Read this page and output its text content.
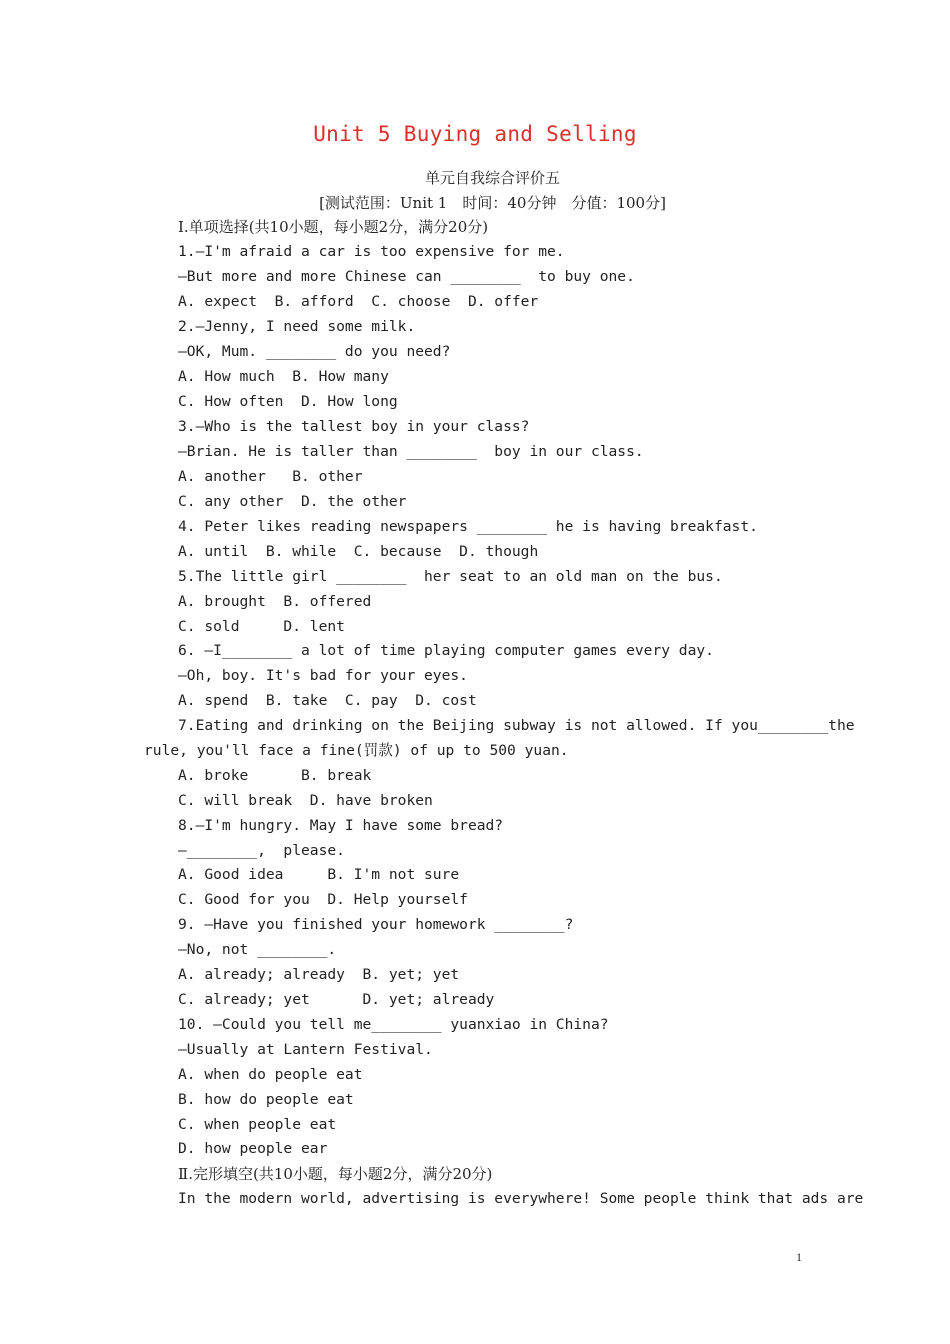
Unit 5 Buying and Selling
单元自我综合评价五
[测试范围：Unit 1　时间：40分钟　分值：100分]
Ⅰ.单项选择(共10小题，每小题2分，满分20分)
1.—I'm afraid a car is too expensive for me.
—But more and more Chinese can ________  to buy one.
A. expect  B. afford  C. choose  D. offer
2.—Jenny, I need some milk.
—OK, Mum. ________ do you need?
A. How much  B. How many
C. How often  D. How long
3.—Who is the tallest boy in your class?
—Brian. He is taller than ________  boy in our class.
A. another   B. other
C. any other  D. the other
4. Peter likes reading newspapers ________ he is having breakfast.
A. until  B. while  C. because  D. though
5.The little girl ________  her seat to an old man on the bus.
A. brought  B. offered
C. sold     D. lent
6. —I________ a lot of time playing computer games every day.
—Oh, boy. It's bad for your eyes.
A. spend  B. take  C. pay  D. cost
7.Eating and drinking on the Beijing subway is not allowed. If you________the
rule, you'll face a fine(罚款) of up to 500 yuan.
A. broke      B. break
C. will break  D. have broken
8.—I'm hungry. May I have some bread?
—________,  please.
A. Good idea     B. I'm not sure
C. Good for you  D. Help yourself
9. —Have you finished your homework ________?
—No, not ________.
A. already; already  B. yet; yet
C. already; yet      D. yet; already
10. —Could you tell me________ yuanxiao in China?
—Usually at Lantern Festival.
A. when do people eat
B. how do people eat
C. when people eat
D. how people ear
Ⅱ.完形填空(共10小题，每小题2分，满分20分)
In the modern world, advertising is everywhere! Some people think that ads are
1
